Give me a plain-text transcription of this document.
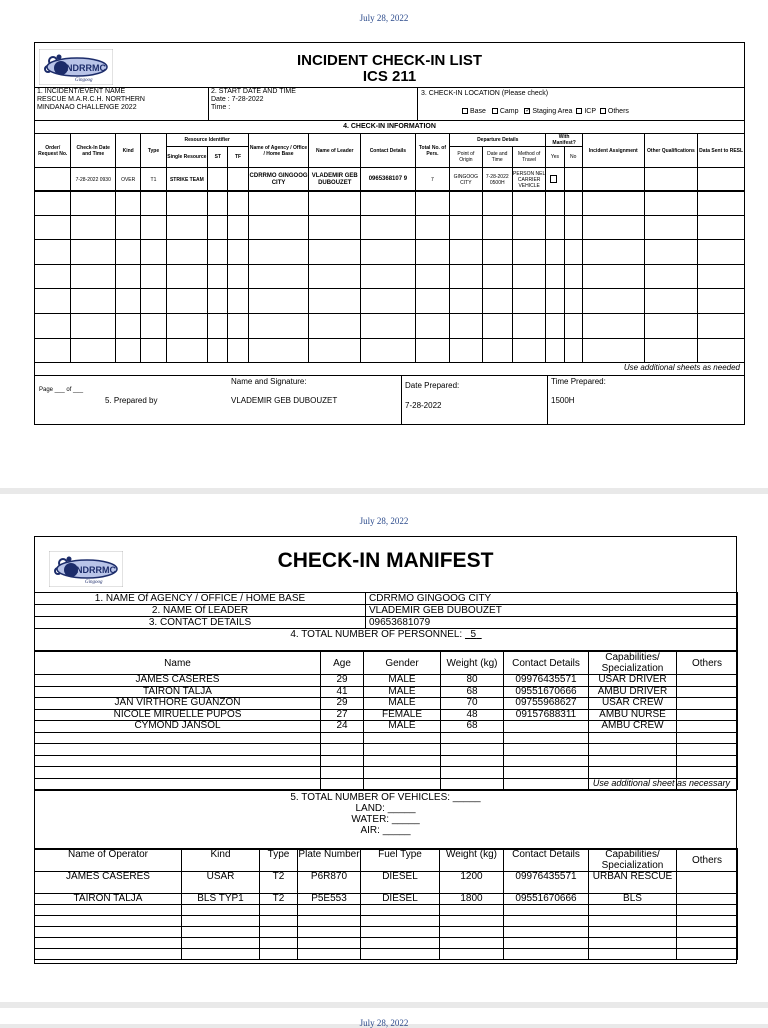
July 28, 2022
NDRRMC
Gingoog
INCIDENT CHECK-IN LIST
ICS 211
1. INCIDENT/EVENT NAME
RESCUE M.A.R.C.H. NORTHERN
MINDANAO CHALLENGE 2022
2. START DATE AND TIME
Date : 7-28-2022
Time :
3. CHECK-IN LOCATION (Please check)
Base Camp ✓ Staging Area ICP Others
4. CHECK-IN INFORMATION
Order/ Request No.	Check-In Date and Time	Kind	Type	Resource Identifier			Name of Agency / Office / Home Base	Name of Leader	Contact Details	Total No. of Pers.	Departure Details			With Manifest?		Incident Assignment	Other Qualifications	Data Sent to RESL
				Single Resource	ST	TF					Point of Origin	Date and Time	Method of Travel	Yes	No			
	7-28-2022 0930	OVER	T1	STRIKE TEAM			CDRRMO GINGOOG CITY	VLADEMIR GEB DUBOUZET	0965368107 9	7	GINGOOG CITY	7-28-2022 0500H	PERSON NEL CARRIER VEHICLE					

Use additional sheets as needed
Page ___ of ___
5. Prepared by
Name and Signature:
VLADEMIR GEB DUBOUZET
Date Prepared:
7-28-2022
Time Prepared:
1500H
July 28, 2022
NDRRMC
Gingoog
CHECK-IN MANIFEST
1. NAME Of AGENCY / OFFICE / HOME BASE	CDRRMO GINGOOG CITY
2. NAME Of LEADER	VLADEMIR GEB DUBOUZET
3. CONTACT DETAILS	09653681079
4. TOTAL NUMBER OF PERSONNEL: 5	
Name	Age	Gender	Weight (kg)	Contact Details	Capabilities/ Specialization	Others
JAMES CASERES	29	MALE	80	09976435571	USAR DRIVER	
TAIRON TALJA	41	MALE	68	09551670666	AMBU DRIVER	
JAN VIRTHORE GUANZON	29	MALE	70	09755968627	USAR CREW	
NICOLE MIRUELLE PUPOS	27	FEMALE	48	09157688311	AMBU NURSE	
CYMOND JANSOL	24	MALE	68		AMBU CREW	

Use additional sheet as necessary
5. TOTAL NUMBER OF VEHICLES: _____
LAND: _____
WATER: _____
AIR: _____
Name of Operator	Kind	Type	Plate Number	Fuel Type	Weight (kg)	Contact Details	Capabilities/ Specialization	Others
JAMES CASERES	USAR	T2	P6R870	DIESEL	1200	09976435571	URBAN RESCUE	
TAIRON TALJA	BLS TYP1	T2	P5E553	DIESEL	1800	09551670666	BLS	

July 28, 2022
